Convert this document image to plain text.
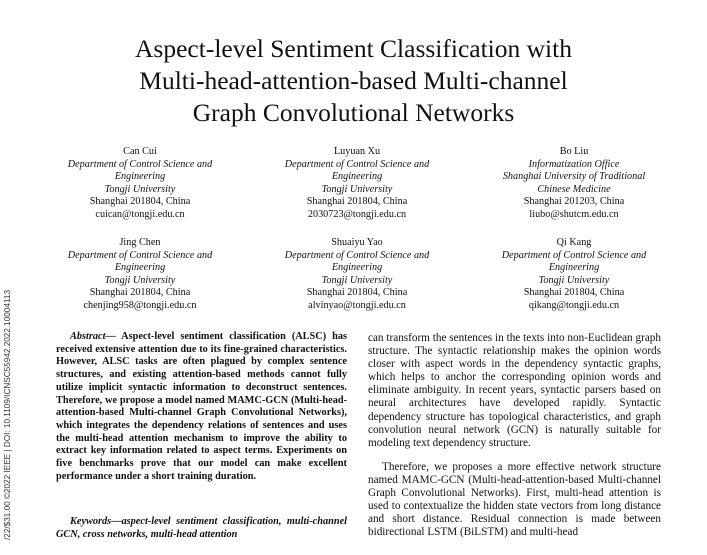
Aspect-level Sentiment Classification with
Multi-head-attention-based Multi-channel
Graph Convolutional Networks
Can Cui
Department of Control Science and
Engineering
Tongji University
Shanghai 201804, China
cuican@tongji.edu.cn
Luyuan Xu
Department of Control Science and
Engineering
Tongji University
Shanghai 201804, China
2030723@tongji.edu.cn
Bo Liu
Informatization Office
Shanghai University of Traditional
Chinese Medicine
Shanghai 201203, China
liubo@shutcm.edu.cn
Jing Chen
Department of Control Science and
Engineering
Tongji University
Shanghai 201804, China
chenjing958@tongji.edu.cn
Shuaiyu Yao
Department of Control Science and
Engineering
Tongji University
Shanghai 201804, China
alvinyao@tongji.edu.cn
Qi Kang
Department of Control Science and
Engineering
Tongji University
Shanghai 201804, China
qikang@tongji.edu.cn
/22/$31.00 ©2022 IEEE | DOI: 10.1109/ICNSC55942.2022.10004113	Abstract— Aspect-level sentiment classification (ALSC) has received extensive attention due to its fine-grained characteristics. However, ALSC tasks are often plagued by complex sentence structures, and existing attention-based methods cannot fully utilize implicit syntactic information to deconstruct sentences. Therefore, we propose a model named MAMC-GCN (Multi-head-attention-based Multi-channel Graph Convolutional Networks), which integrates the dependency relations of sentences and uses the multi-head attention mechanism to improve the ability to extract key information related to aspect terms. Experiments on five benchmarks prove that our model can make excellent performance under a short training duration.
Keywords—aspect-level sentiment classification, multi-channel GCN, cross networks, multi-head attention

can transform the sentences in the texts into non-Euclidean graph structure. The syntactic relationship makes the opinion words closer with aspect words in the dependency syntactic graphs, which helps to anchor the corresponding opinion words and eliminate ambiguity. In recent years, syntactic parsers based on neural architectures have developed rapidly. Syntactic dependency structure has topological characteristics, and graph convolution neural network (GCN) is naturally suitable for modeling text dependency structure.

Therefore, we proposes a more effective network structure named MAMC-GCN (Multi-head-attention-based Multi-channel Graph Convolutional Networks). First, multi-head attention is used to contextualize the hidden state vectors from long distance and short distance. Residual connection is made between bidirectional LSTM (BiLSTM) and multi-head
